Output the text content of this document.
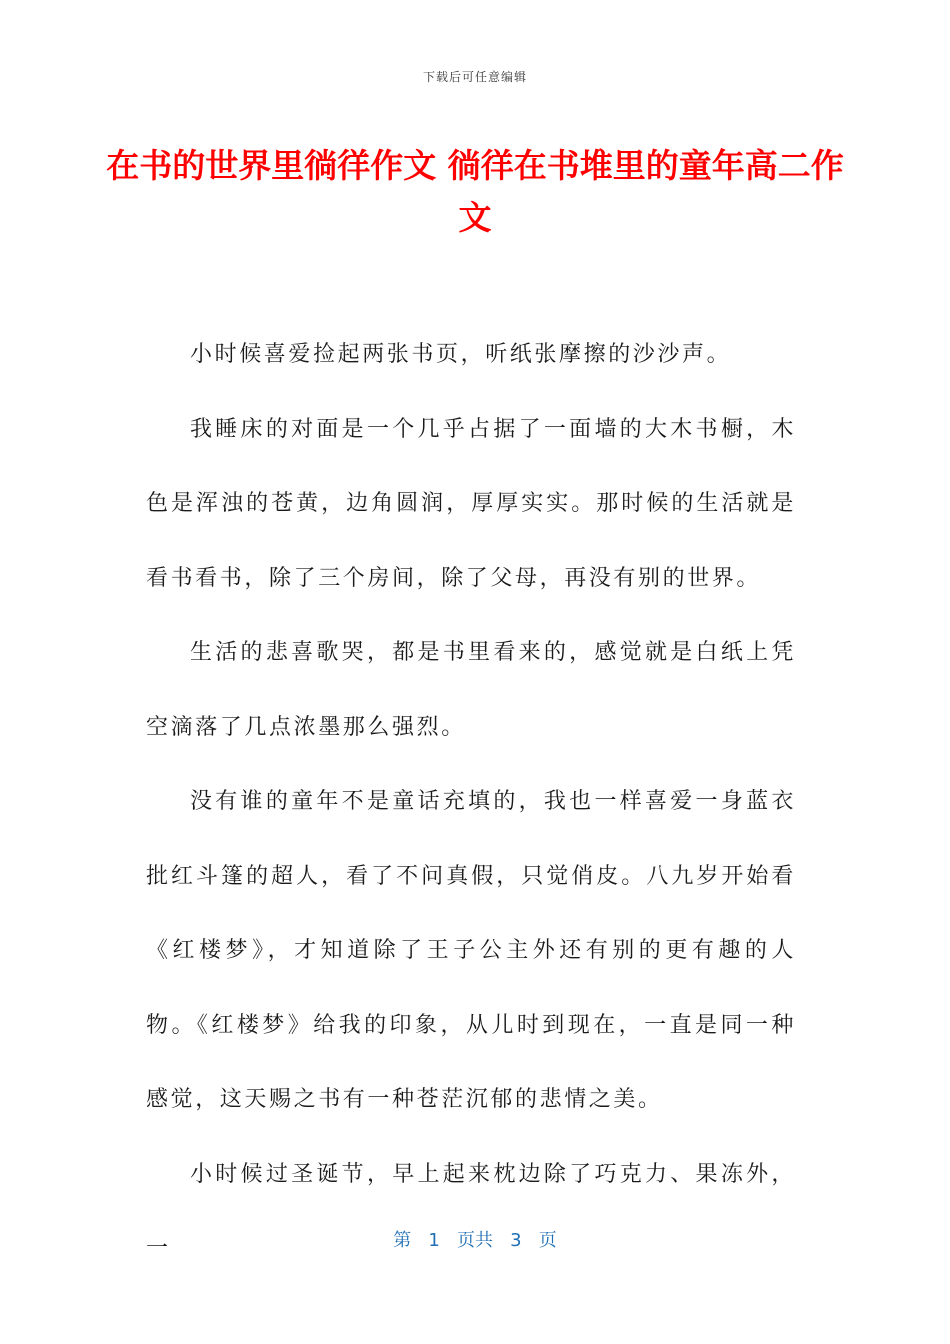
下载后可任意编辑
在书的世界里徜徉作文 徜徉在书堆里的童年高二作文

小时候喜爱捡起两张书页，听纸张摩擦的沙沙声。

我睡床的对面是一个几乎占据了一面墙的大木书橱，木色是浑浊的苍黄，边角圆润，厚厚实实。那时候的生活就是看书看书，除了三个房间，除了父母，再没有别的世界。

生活的悲喜歌哭，都是书里看来的，感觉就是白纸上凭空滴落了几点浓墨那么强烈。

没有谁的童年不是童话充填的，我也一样喜爱一身蓝衣批红斗篷的超人，看了不问真假，只觉俏皮。八九岁开始看《红楼梦》，才知道除了王子公主外还有别的更有趣的人物。《红楼梦》给我的印象，从儿时到现在，一直是同一种感觉，这天赐之书有一种苍茫沉郁的悲情之美。

小时候过圣诞节，早上起来枕边除了巧克力、果冻外，一	第 1 页共 3 页
